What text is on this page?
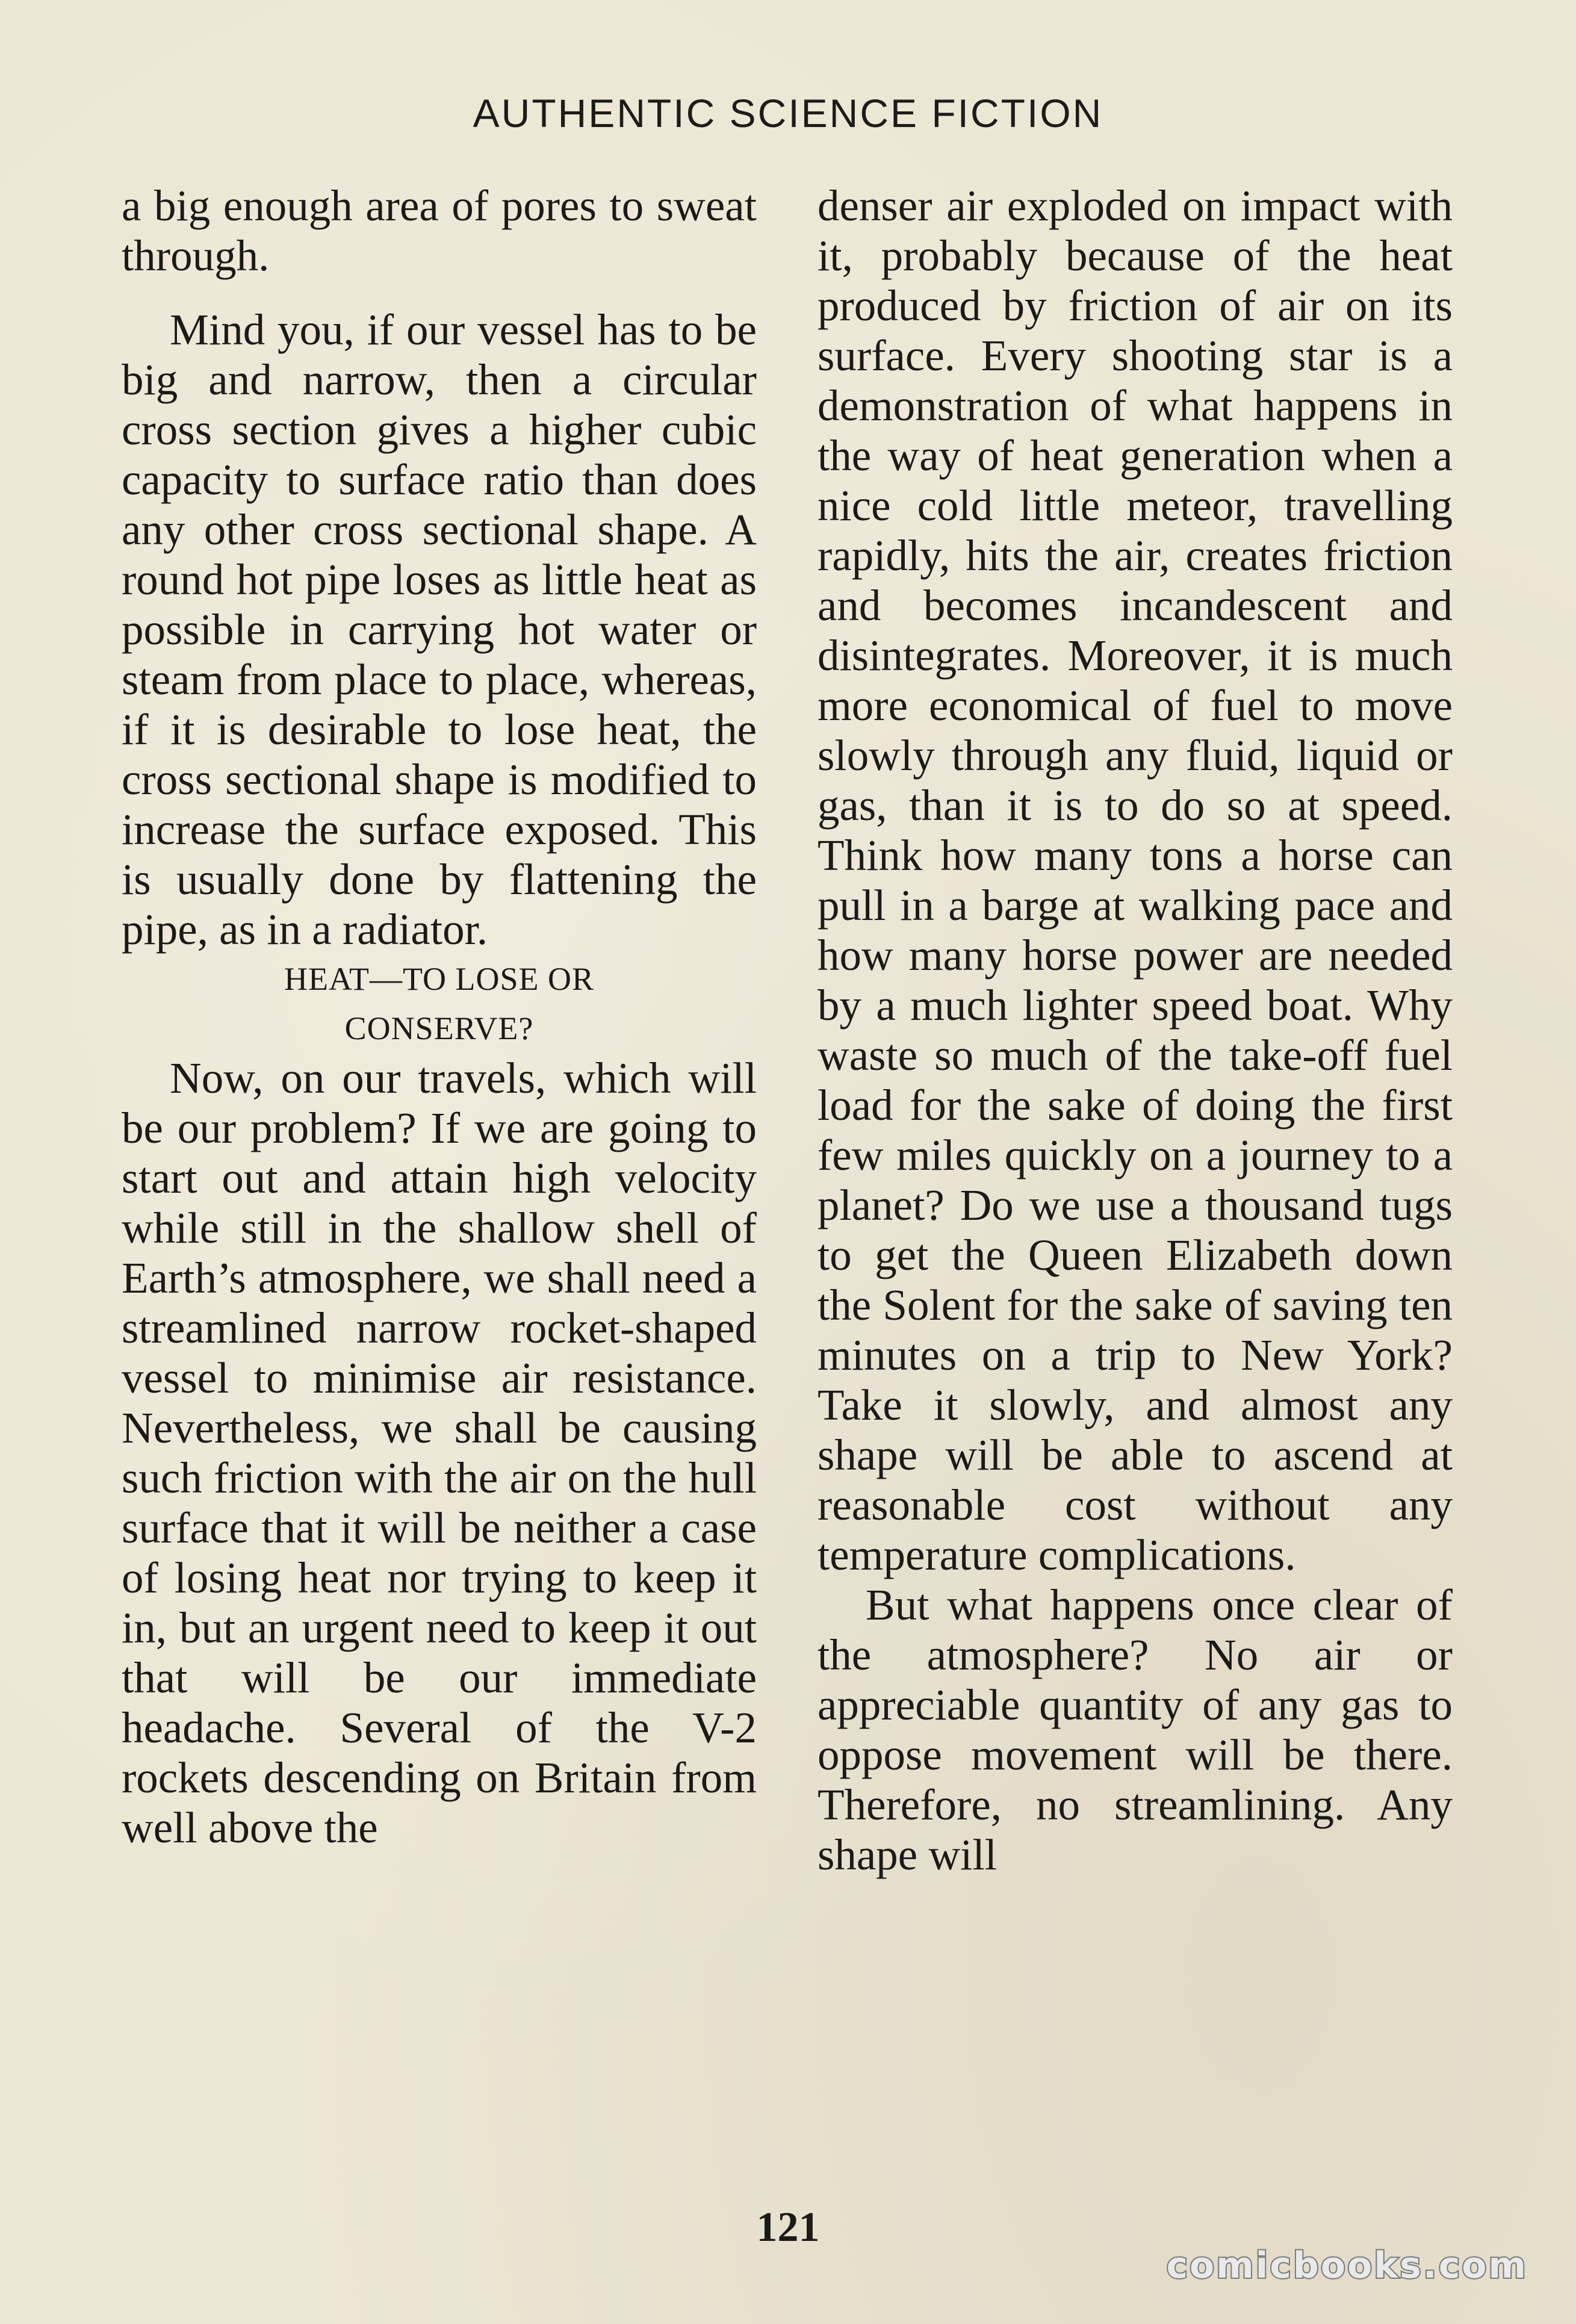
AUTHENTIC SCIENCE FICTION

a big enough area of pores to sweat through.

Mind you, if our vessel has to be big and narrow, then a circular cross section gives a higher cubic capacity to surface ratio than does any other cross sectional shape. A round hot pipe loses as little heat as possible in carrying hot water or steam from place to place, whereas, if it is desirable to lose heat, the cross sectional shape is modified to increase the surface exposed. This is usually done by flattening the pipe, as in a radiator.

HEAT—TO LOSE OR
CONSERVE?

Now, on our travels, which will be our problem? If we are going to start out and attain high velocity while still in the shallow shell of Earth’s atmosphere, we shall need a streamlined narrow rocket-shaped vessel to minimise air resistance. Nevertheless, we shall be causing such friction with the air on the hull surface that it will be neither a case of losing heat nor trying to keep it in, but an urgent need to keep it out that will be our immediate headache. Several of the V-2 rockets descending on Britain from well above the

denser air exploded on impact with it, probably because of the heat produced by friction of air on its surface. Every shooting star is a demonstration of what happens in the way of heat generation when a nice cold little meteor, travelling rapidly, hits the air, creates friction and becomes incandescent and disintegrates. Moreover, it is much more economical of fuel to move slowly through any fluid, liquid or gas, than it is to do so at speed. Think how many tons a horse can pull in a barge at walking pace and how many horse power are needed by a much lighter speed boat. Why waste so much of the take-off fuel load for the sake of doing the first few miles quickly on a journey to a planet? Do we use a thousand tugs to get the Queen Elizabeth down the Solent for the sake of saving ten minutes on a trip to New York? Take it slowly, and almost any shape will be able to ascend at reasonable cost without any temperature complications.

But what happens once clear of the atmosphere? No air or appreciable quantity of any gas to oppose movement will be there. Therefore, no streamlining. Any shape will

121
comicbooks.com
